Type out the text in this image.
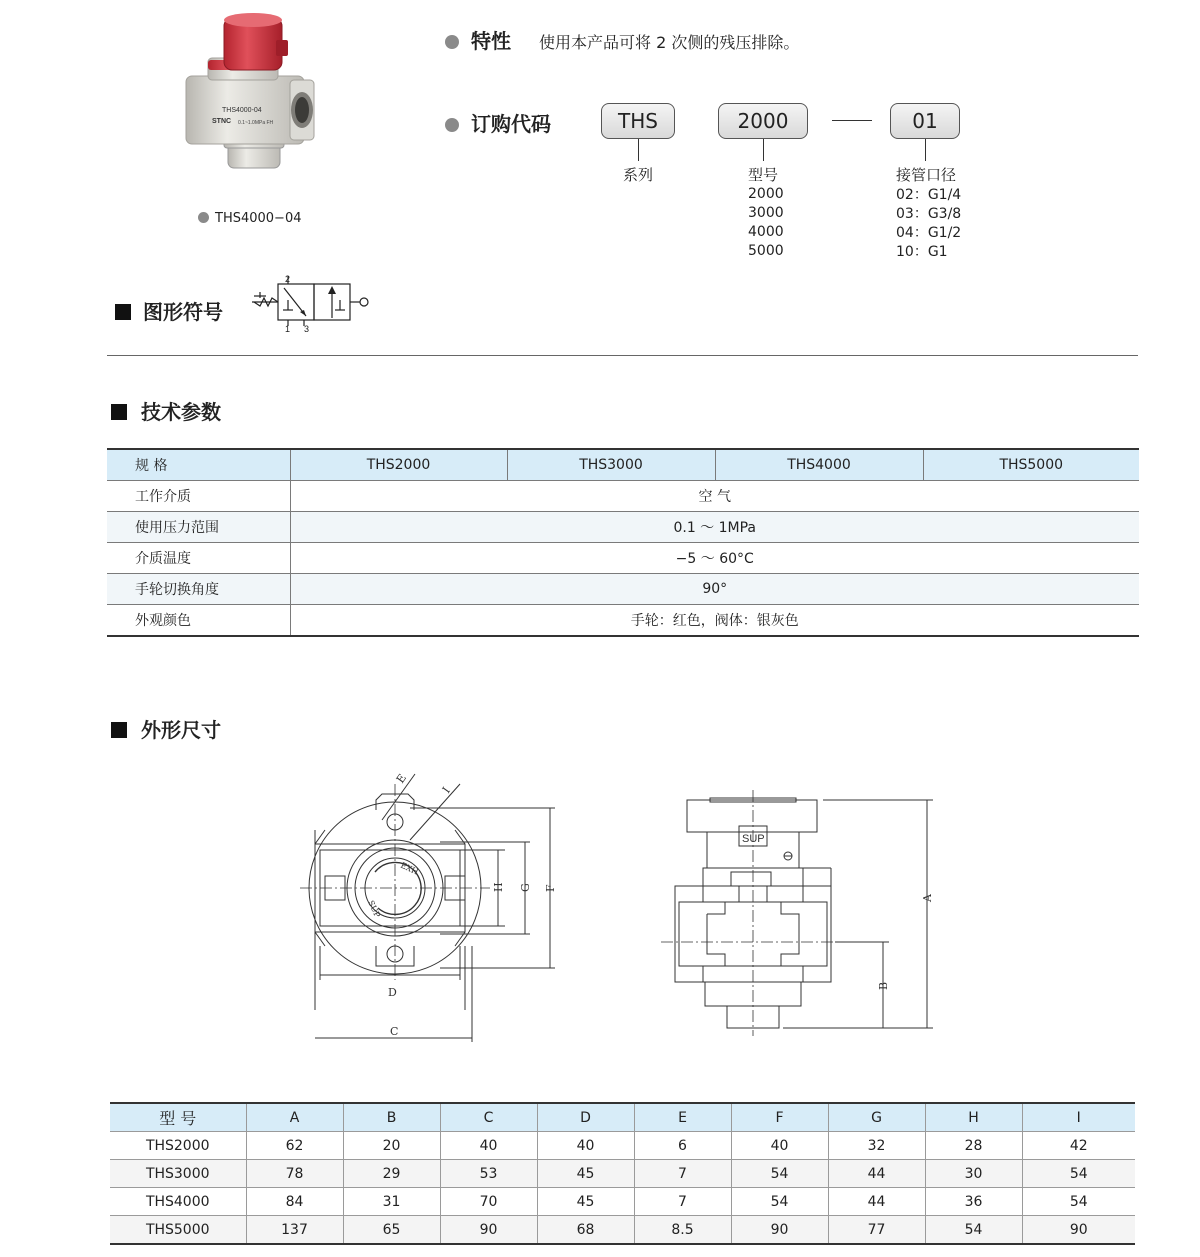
STNC
THS4000-04
0.1~1.0MPa FH
THS4000−04
特性 使用本产品可将 2 次侧的残压排除。
订购代码	THS	2000	01
系列	型号
2000
3000
4000
5000
接管口径
02：G1/4
03：G3/8
04：G1/2
10：G1
图形符号
2
1 3
技术参数
规 格	THS2000	THS3000	THS4000	THS5000
工作介质	空 气			
使用压力范围	0.1 ～ 1MPa			
介质温度	−5 ～ 60°C			
手轮切换角度	90°			
外观颜色	手轮：红色，阀体：银灰色			
外形尺寸
E
I
H G F
D
C
EXH
SUP
SUP
A
B
型 号	A	B	C	D	E	F	G	H	I
THS2000	62	20	40	40	6	40	32	28	42
THS3000	78	29	53	45	7	54	44	30	54
THS4000	84	31	70	45	7	54	44	36	54
THS5000	137	65	90	68	8.5	90	77	54	90
